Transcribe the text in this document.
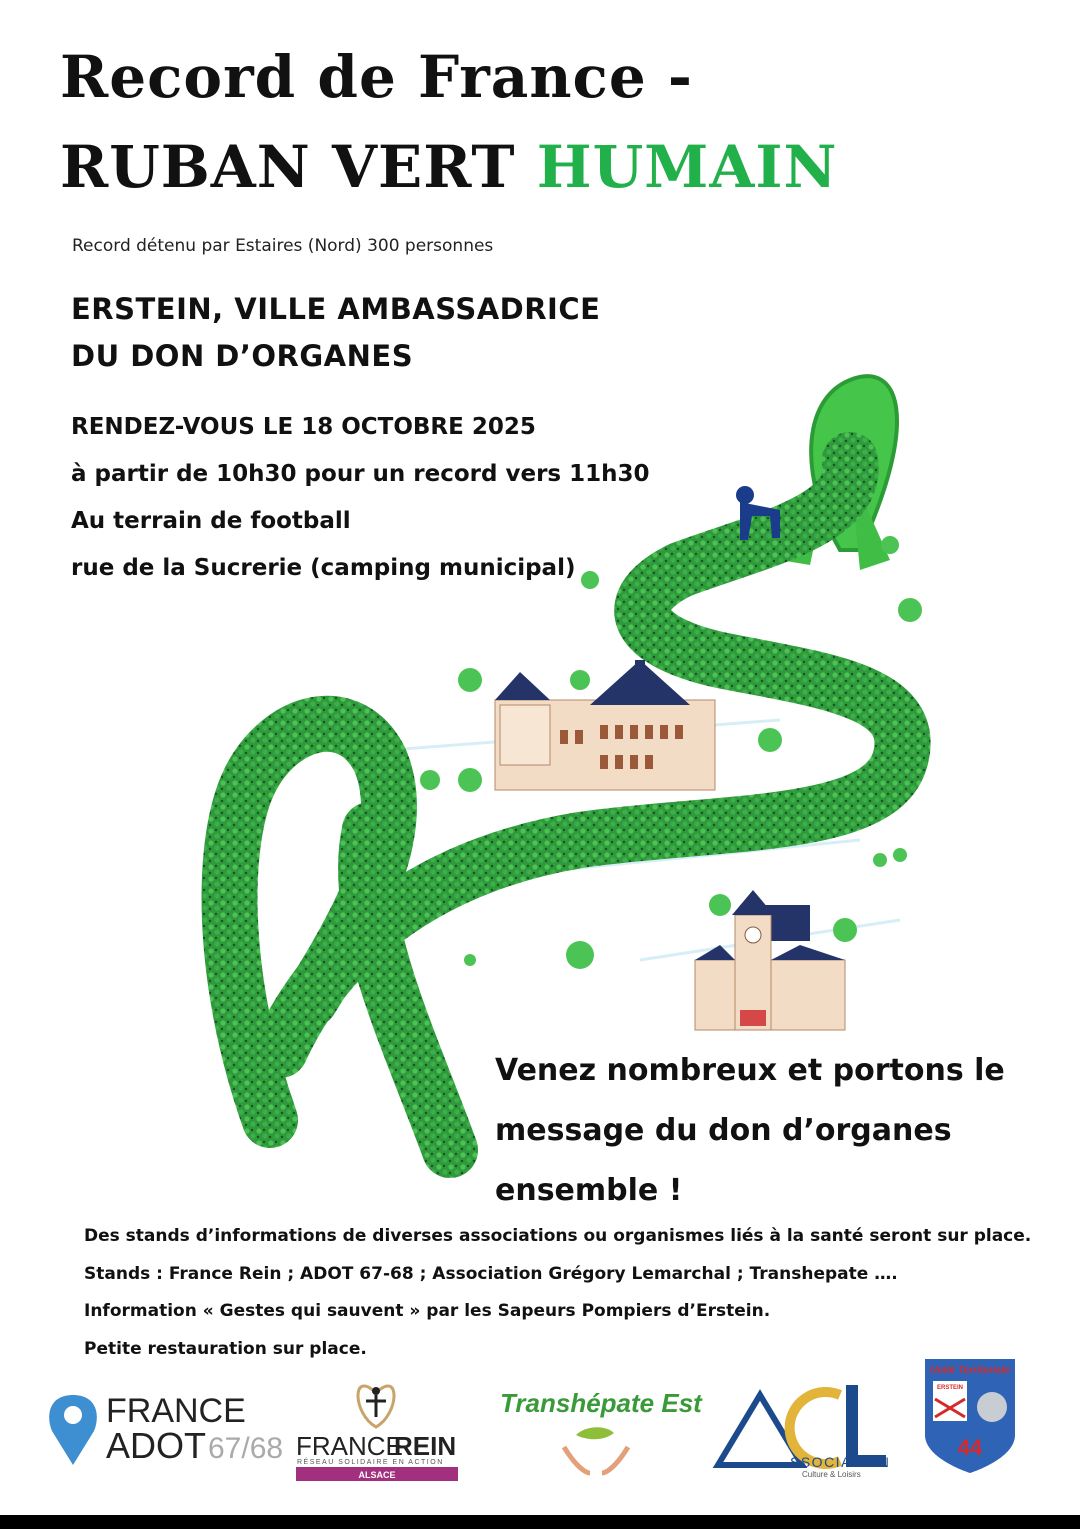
Record de France -
RUBAN VERT HUMAIN
Record détenu par Estaires (Nord) 300 personnes
ERSTEIN, VILLE AMBASSADRICE
DU DON D’ORGANES
RENDEZ-VOUS LE 18 OCTOBRE 2025
à partir de 10h30 pour un record vers 11h30
Au terrain de football
rue de la Sucrerie (camping municipal)
Venez nombreux et portons le
message du don d’organes
ensemble !
Des stands d’informations de diverses associations ou organismes liés à la santé seront sur place.
Stands : France Rein ; ADOT 67-68 ; Association Grégory Lemarchal ; Transhepate ….
Information « Gestes qui sauvent » par les Sapeurs Pompiers d’Erstein.
Petite restauration sur place.
FRANCE
ADOT 67/68 FRANCE
REIN
RÉSEAU SOLIDAIRE EN ACTION
ALSACE
Transhépate Est
SSOCIATION
Culture & Loisirs
Unité Territoriale
ERSTEIN
44
